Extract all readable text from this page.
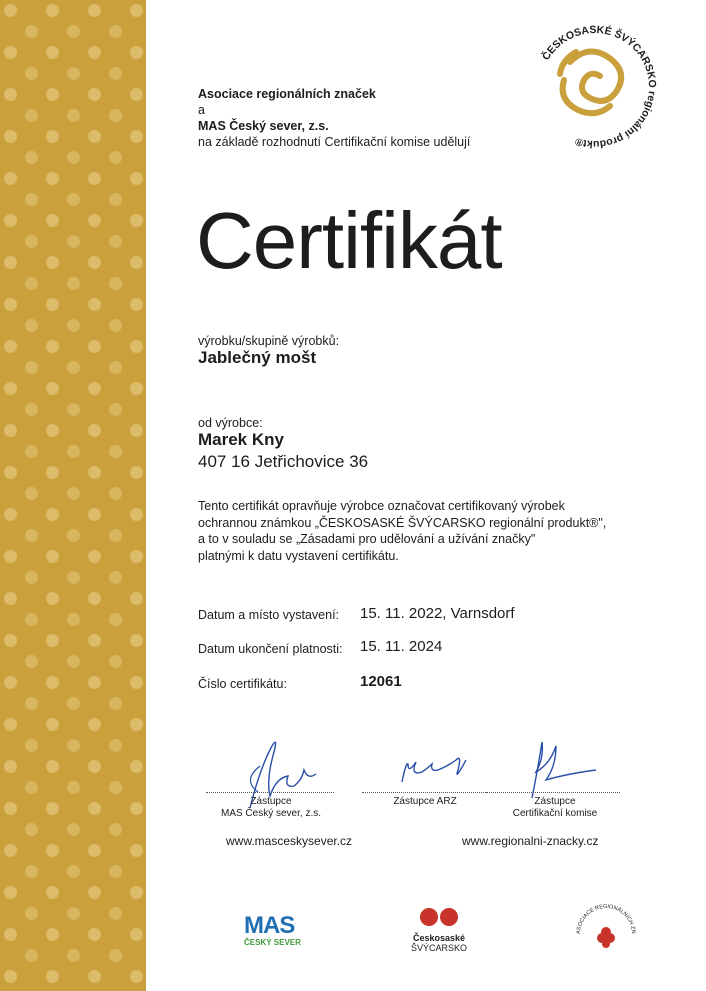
Asociace regionálních značek
a
MAS Český sever, z.s.
na základě rozhodnutí Certifikační komise udělují
ČESKOSASKÉ ŠVÝCARSKO regionální produkt®
Certifikát
výrobku/skupině výrobků:
Jablečný mošt
od výrobce:
Marek Kny
407 16 Jetřichovice 36
Tento certifikát opravňuje výrobce označovat certifikovaný výrobek
ochrannou známkou „ČESKOSASKÉ ŠVÝCARSKO regionální produkt®",
a to v souladu se „Zásadami pro udělování a užívání značky"
platnými k datu vystavení certifikátu.
Datum a místo vystavení: 15. 11. 2022, Varnsdorf
Datum ukončení platnosti: 15. 11. 2024
Číslo certifikátu:	12061
Zástupce
MAS Český sever, z.s.
Zástupce ARZ	Zástupce
Certifikační komise
www.masceskysever.cz	www.regionalni-znacky.cz
MAS
ČESKÝ SEVER	Českosaské
ŠVÝCARSKO
ASOCIACE REGIONÁLNÍCH ZN
